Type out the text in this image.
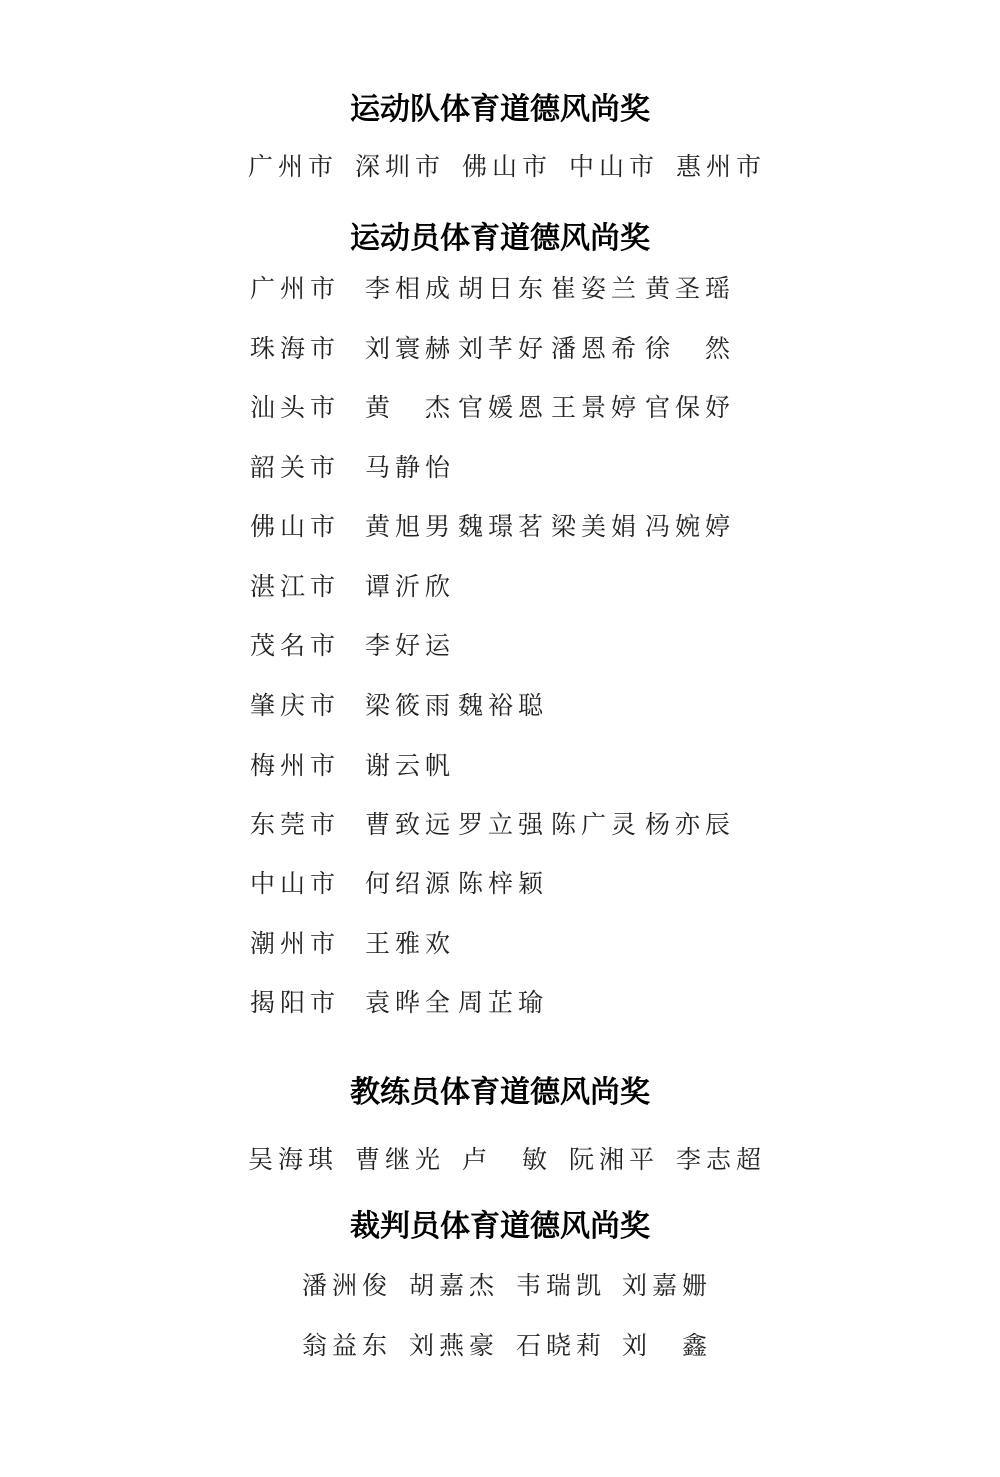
运动队体育道德风尚奖
广州市 深圳市 佛山市 中山市 惠州市
运动员体育道德风尚奖
广州市 李相成 胡日东 崔姿兰 黄圣瑶
珠海市 刘寰赫 刘芊好 潘恩希 徐　然
汕头市 黄　杰 官媛恩 王景婷 官保妤
韶关市 马静怡
佛山市 黄旭男 魏璟茗 梁美娟 冯婉婷
湛江市 谭沂欣
茂名市 李好运
肇庆市 梁筱雨 魏裕聪
梅州市 谢云帆
东莞市 曹致远 罗立强 陈广灵 杨亦辰
中山市 何绍源 陈梓颖
潮州市 王雅欢
揭阳市 袁晔全 周芷瑜
教练员体育道德风尚奖
吴海琪 曹继光 卢　敏 阮湘平 李志超
裁判员体育道德风尚奖
潘洲俊 胡嘉杰 韦瑞凯 刘嘉姗
翁益东 刘燕豪 石晓莉 刘　鑫
